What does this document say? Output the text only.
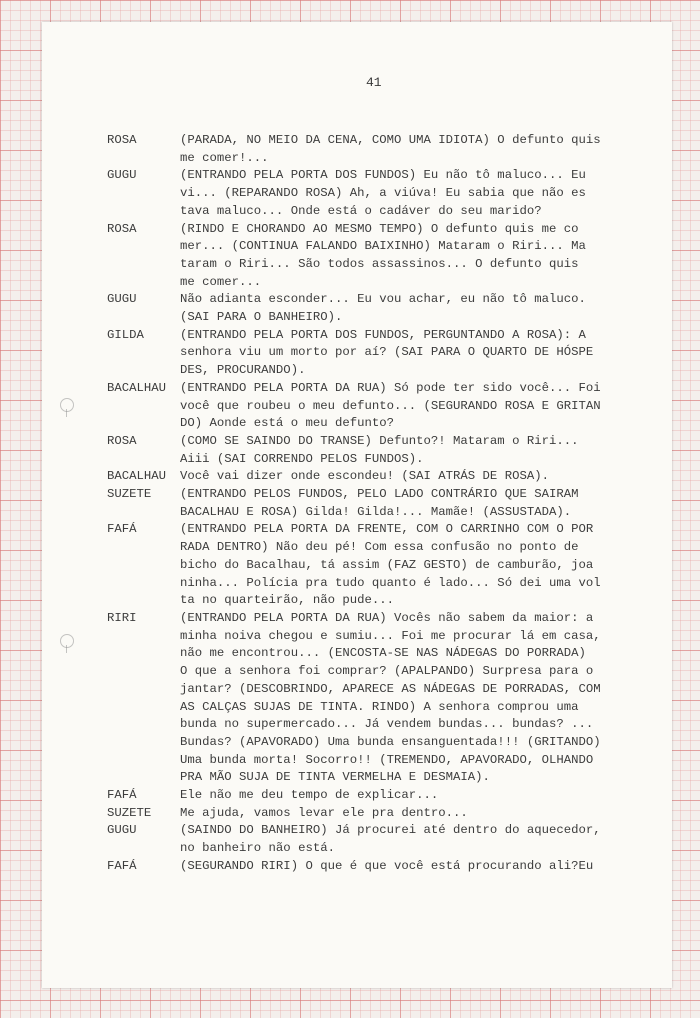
41
ROSA	(PARADA, NO MEIO DA CENA, COMO UMA IDIOTA) O defunto quis
me comer!...
GUGU	(ENTRANDO PELA PORTA DOS FUNDOS) Eu não tô maluco... Eu
vi... (REPARANDO ROSA) Ah, a viúva! Eu sabia que não es
tava maluco... Onde está o cadáver do seu marido?
ROSA	(RINDO E CHORANDO AO MESMO TEMPO) O defunto quis me co
mer... (CONTINUA FALANDO BAIXINHO) Mataram o Riri... Ma
taram o Riri... São todos assassinos... O defunto quis
me comer...
GUGU	Não adianta esconder... Eu vou achar, eu não tô maluco.
(SAI PARA O BANHEIRO).
GILDA	(ENTRANDO PELA PORTA DOS FUNDOS, PERGUNTANDO A ROSA): A
senhora viu um morto por aí? (SAI PARA O QUARTO DE HÓSPE
DES, PROCURANDO).
BACALHAU	(ENTRANDO PELA PORTA DA RUA) Só pode ter sido você... Foi
você que roubeu o meu defunto... (SEGURANDO ROSA E GRITAN
DO) Aonde está o meu defunto?
ROSA	(COMO SE SAINDO DO TRANSE) Defunto?! Mataram o Riri...
Aiii (SAI CORRENDO PELOS FUNDOS).
BACALHAU	Você vai dizer onde escondeu! (SAI ATRÁS DE ROSA).
SUZETE	(ENTRANDO PELOS FUNDOS, PELO LADO CONTRÁRIO QUE SAIRAM
BACALHAU E ROSA) Gilda! Gilda!... Mamãe! (ASSUSTADA).
FAFÁ	(ENTRANDO PELA PORTA DA FRENTE, COM O CARRINHO COM O POR
RADA DENTRO) Não deu pé! Com essa confusão no ponto de
bicho do Bacalhau, tá assim (FAZ GESTO) de camburão, joa
ninha... Polícia pra tudo quanto é lado... Só dei uma vol
ta no quarteirão, não pude...
RIRI	(ENTRANDO PELA PORTA DA RUA) Vocês não sabem da maior: a
minha noiva chegou e sumiu... Foi me procurar lá em casa,
não me encontrou... (ENCOSTA-SE NAS NÁDEGAS DO PORRADA)
O que a senhora foi comprar? (APALPANDO) Surpresa para o
jantar? (DESCOBRINDO, APARECE AS NÁDEGAS DE PORRADAS, COM
AS CALÇAS SUJAS DE TINTA. RINDO) A senhora comprou uma
bunda no supermercado... Já vendem bundas... bundas? ...
Bundas? (APAVORADO) Uma bunda ensanguentada!!! (GRITANDO)
Uma bunda morta! Socorro!! (TREMENDO, APAVORADO, OLHANDO
PRA MÃO SUJA DE TINTA VERMELHA E DESMAIA).
FAFÁ	Ele não me deu tempo de explicar...
SUZETE	Me ajuda, vamos levar ele pra dentro...
GUGU	(SAINDO DO BANHEIRO) Já procurei até dentro do aquecedor,
no banheiro não está.
FAFÁ	(SEGURANDO RIRI) O que é que você está procurando ali?Eu
